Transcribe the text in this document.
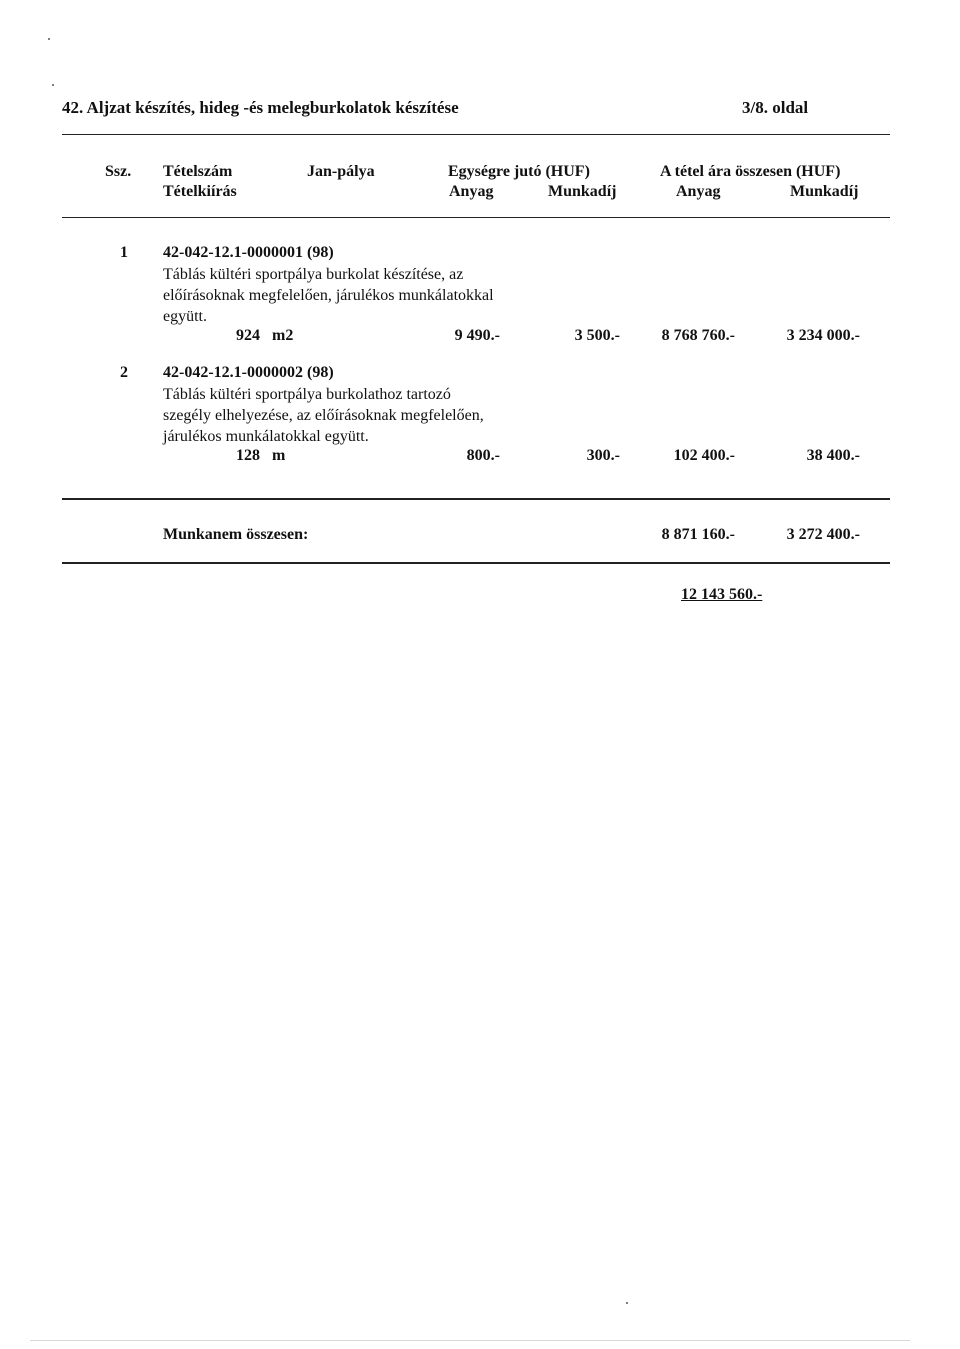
42. Aljzat készítés, hideg -és melegburkolatok készítése	3/8. oldal
Ssz. Tételszám
Tételkiírás
Jan-pálya	Egységre jutó (HUF)
Anyag	Munkadíj
A tétel ára összesen (HUF)
Anyag	Munkadíj
1 42-042-12.1-0000001 (98)
Táblás kültéri sportpálya burkolat készítése, az
előírásoknak megfelelően, járulékos munkálatokkal
együtt.
924 m2	9 490.-	3 500.-	8 768 760.-	3 234 000.-
2 42-042-12.1-0000002 (98)
Táblás kültéri sportpálya burkolathoz tartozó
szegély elhelyezése, az előírásoknak megfelelően,
járulékos munkálatokkal együtt.
128 m	800.-	300.-	102 400.-	38 400.-
Munkanem összesen:	8 871 160.-	3 272 400.-
12 143 560.-
